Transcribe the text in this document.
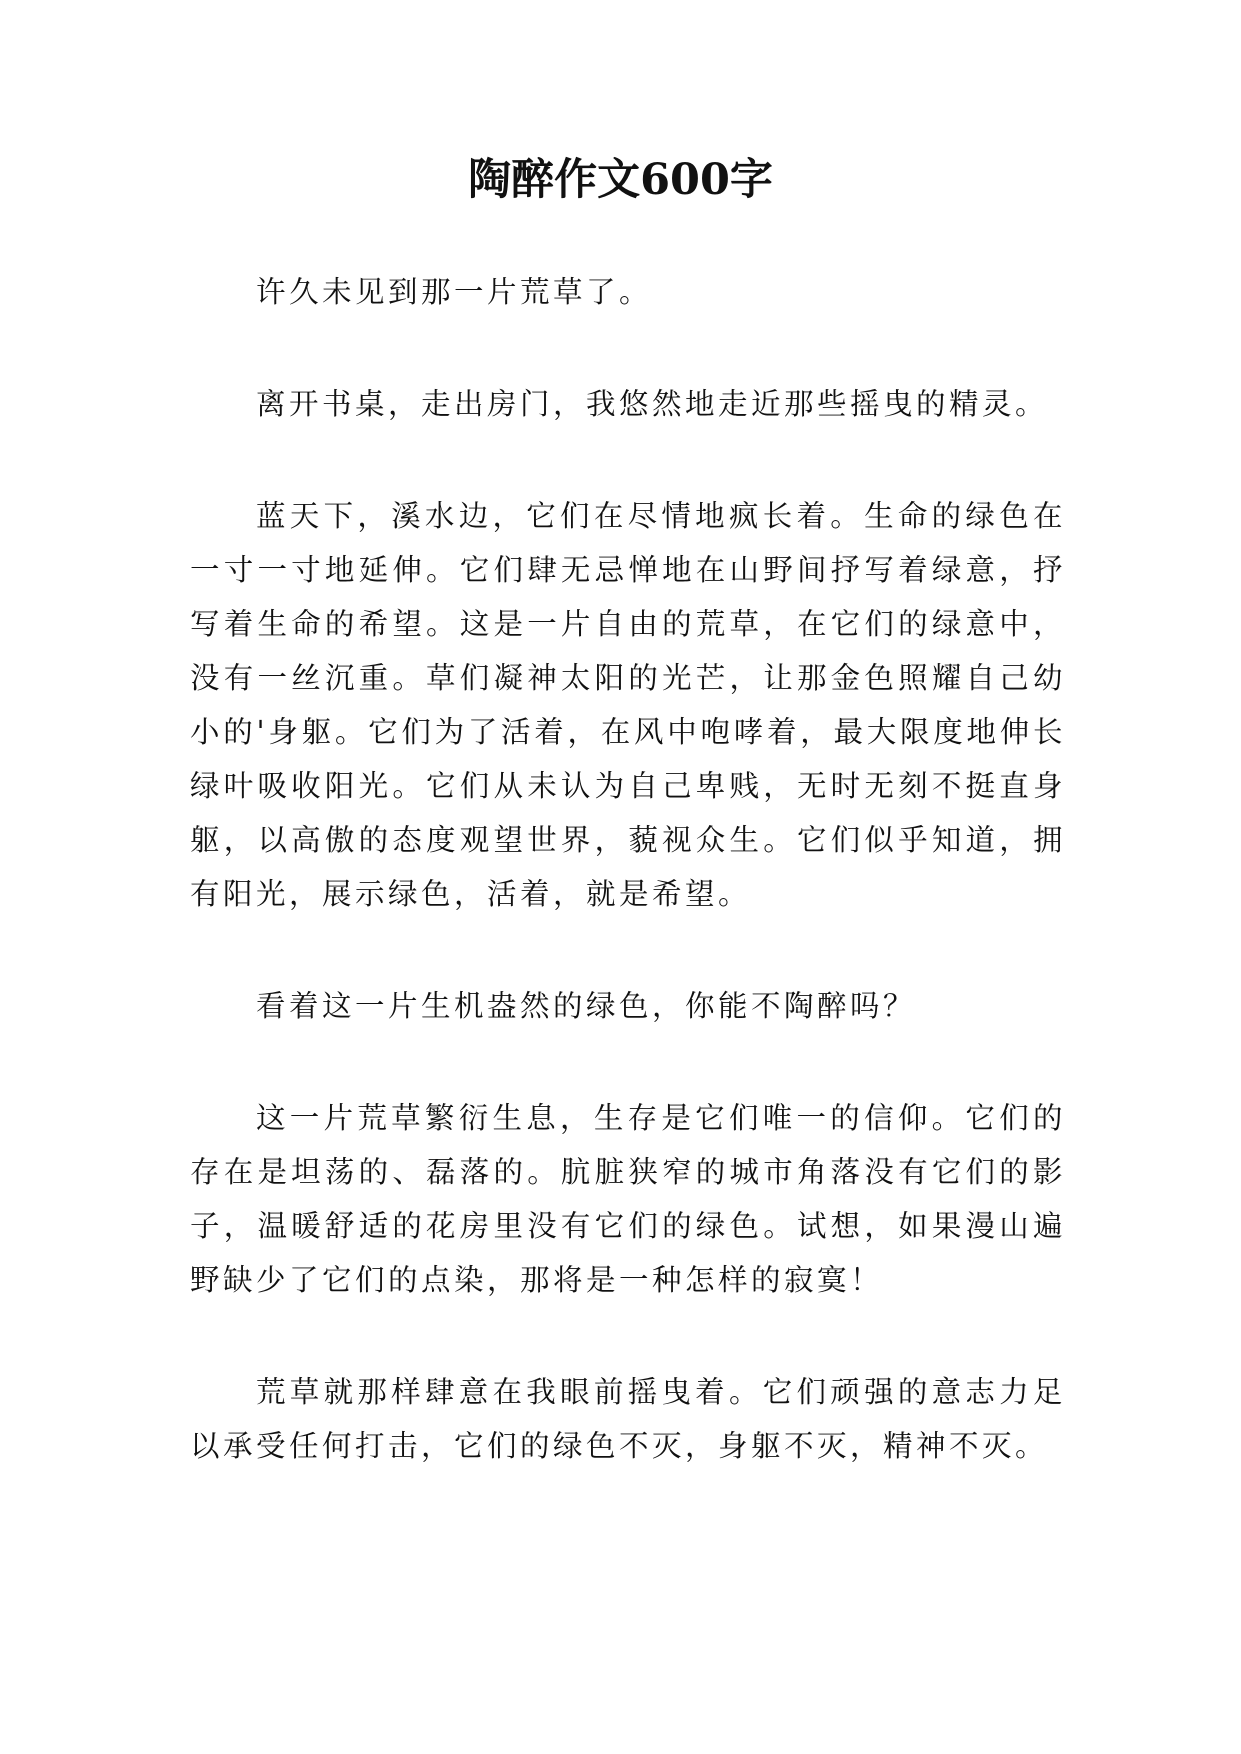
陶醉作文600字

许久未见到那一片荒草了。

离开书桌，走出房门，我悠然地走近那些摇曳的精灵。

蓝天下，溪水边，它们在尽情地疯长着。生命的绿色在一寸一寸地延伸。它们肆无忌惮地在山野间抒写着绿意，抒写着生命的希望。这是一片自由的荒草，在它们的绿意中，没有一丝沉重。草们凝神太阳的光芒，让那金色照耀自己幼小的'身躯。它们为了活着，在风中咆哮着，最大限度地伸长绿叶吸收阳光。它们从未认为自己卑贱，无时无刻不挺直身躯，以高傲的态度观望世界，藐视众生。它们似乎知道，拥有阳光，展示绿色，活着，就是希望。

看着这一片生机盎然的绿色，你能不陶醉吗？

这一片荒草繁衍生息，生存是它们唯一的信仰。它们的存在是坦荡的、磊落的。肮脏狭窄的城市角落没有它们的影子，温暖舒适的花房里没有它们的绿色。试想，如果漫山遍野缺少了它们的点染，那将是一种怎样的寂寞！

荒草就那样肆意在我眼前摇曳着。它们顽强的意志力足以承受任何打击，它们的绿色不灭，身躯不灭，精神不灭。
